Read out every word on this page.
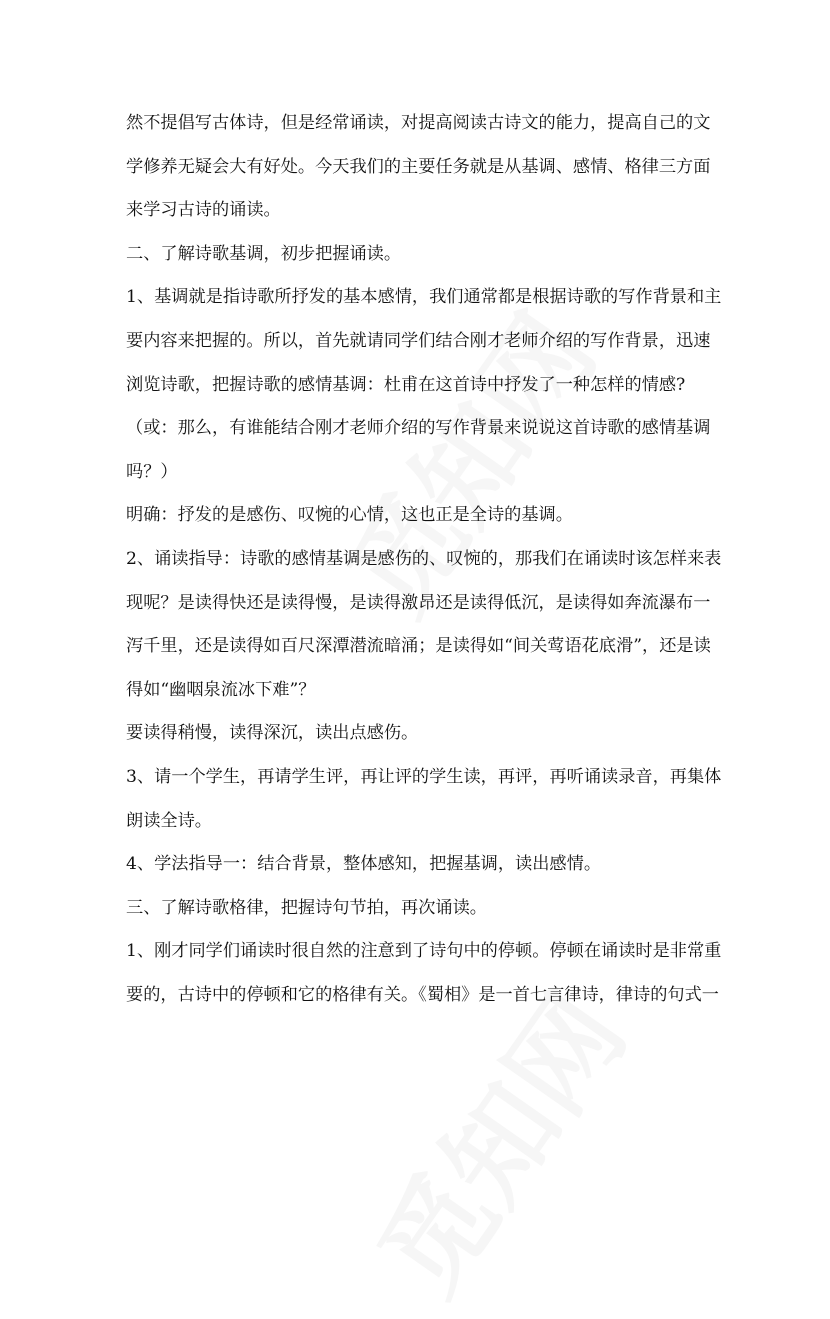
然不提倡写古体诗，但是经常诵读，对提高阅读古诗文的能力，提高自己的文
学修养无疑会大有好处。今天我们的主要任务就是从基调、感情、格律三方面
来学习古诗的诵读。
二、了解诗歌基调，初步把握诵读。
1、基调就是指诗歌所抒发的基本感情，我们通常都是根据诗歌的写作背景和主
要内容来把握的。所以，首先就请同学们结合刚才老师介绍的写作背景，迅速
浏览诗歌，把握诗歌的感情基调：杜甫在这首诗中抒发了一种怎样的情感?
（或：那么，有谁能结合刚才老师介绍的写作背景来说说这首诗歌的感情基调
吗？）
明确：抒发的是感伤、叹惋的心情，这也正是全诗的基调。
2、诵读指导：诗歌的感情基调是感伤的、叹惋的，那我们在诵读时该怎样来表
现呢？是读得快还是读得慢，是读得激昂还是读得低沉，是读得如奔流瀑布一
泻千里，还是读得如百尺深潭潜流暗涌；是读得如“间关莺语花底滑”，还是读
得如“幽咽泉流冰下难”？
要读得稍慢，读得深沉，读出点感伤。
3、请一个学生，再请学生评，再让评的学生读，再评，再听诵读录音，再集体
朗读全诗。
4、学法指导一：结合背景，整体感知，把握基调，读出感情。
三、了解诗歌格律，把握诗句节拍，再次诵读。
1、刚才同学们诵读时很自然的注意到了诗句中的停顿。停顿在诵读时是非常重
要的，古诗中的停顿和它的格律有关。《蜀相》是一首七言律诗，律诗的句式一
